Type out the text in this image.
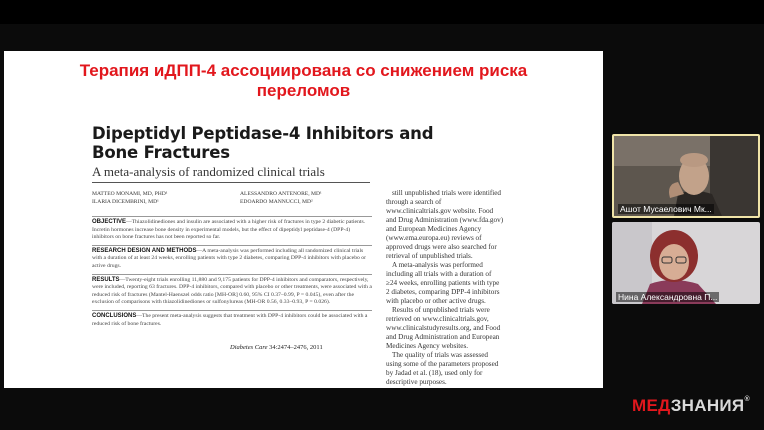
Терапия иДПП-4 ассоциирована со снижением риска
переломов
Dipeptidyl Peptidase-4 Inhibitors and
Bone Fractures
A meta-analysis of randomized clinical trials
MATTEO MONAMI, MD, PHD¹
ILARIA DICEMBRINI, MD¹
ALESSANDRO ANTENORE, MD¹
EDOARDO MANNUCCI, MD²
OBJECTIVE—Thiazolidinediones and insulin are associated with a higher risk of fractures in type 2 diabetic patients. Incretin hormones increase bone density in experimental models, but the effect of dipeptidyl peptidase-4 (DPP-4) inhibitors on bone fractures has not been reported so far.
RESEARCH DESIGN AND METHODS—A meta-analysis was performed including all randomized clinical trials with a duration of at least 24 weeks, enrolling patients with type 2 diabetes, comparing DPP-4 inhibitors with placebo or active drugs.
RESULTS—Twenty-eight trials enrolling 11,880 and 9,175 patients for DPP-4 inhibitors and comparators, respectively, were included, reporting 63 fractures. DPP-4 inhibitors, compared with placebo or other treatments, were associated with a reduced risk of fractures (Mantel-Haenszel odds ratio [MH-OR] 0.60, 95% CI 0.37–0.99, P = 0.045), even after the exclusion of comparisons with thiazolidinediones or sulfonylureas (MH-OR 0.56, 0.33–0.93, P = 0.026).
CONCLUSIONS—The present meta-analysis suggests that treatment with DPP-4 inhibitors could be associated with a reduced risk of bone fractures.
Diabetes Care 34:2474–2476, 2011

still unpublished trials were identified through a search of www.clinicaltrials.gov website. Food and Drug Administration (www.fda.gov) and European Medicines Agency (www.ema.europa.eu) reviews of approved drugs were also searched for retrieval of unpublished trials.

A meta-analysis was performed including all trials with a duration of ≥24 weeks, enrolling patients with type 2 diabetes, comparing DPP-4 inhibitors with placebo or other active drugs.

Results of unpublished trials were retrieved on www.clinicaltrials.gov, www.clinicalstudyresults.org, and Food and Drug Administration and European Medicines Agency websites.

The quality of trials was assessed using some of the parameters proposed by Jadad et al. (18), used only for descriptive purposes.

Ашот Мусаелович Мк...
Нина Александровна П...
МЕДЗНАНИЯ®
